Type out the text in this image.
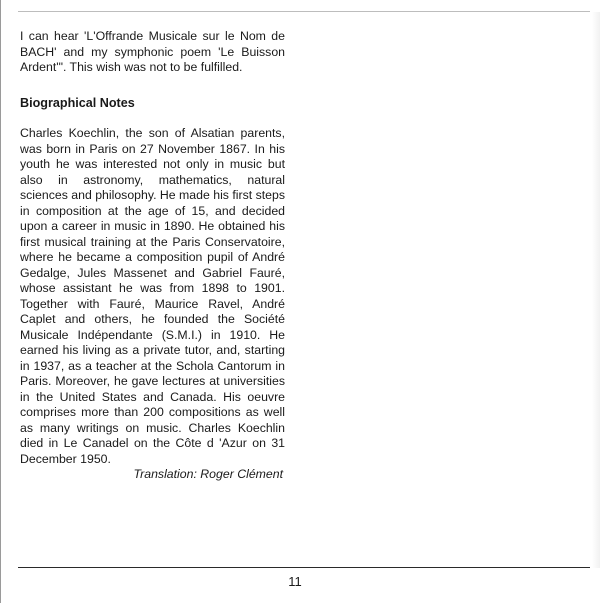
I can hear 'L'Offrande Musicale sur le Nom de BACH' and my symphonic poem 'Le Buisson Ardent'". This wish was not to be fulfilled.

Biographical Notes

Charles Koechlin, the son of Alsatian parents, was born in Paris on 27 November 1867. In his youth he was interested not only in music but also in astronomy, mathematics, natural sciences and philosophy. He made his first steps in composition at the age of 15, and decided upon a career in music in 1890. He obtained his first musical training at the Paris Conservatoire, where he became a composition pupil of André Gedalge, Jules Massenet and Gabriel Fauré, whose assistant he was from 1898 to 1901. Together with Fauré, Maurice Ravel, André Caplet and others, he founded the Société Musicale Indépendante (S.M.I.) in 1910. He earned his living as a private tutor, and, starting in 1937, as a teacher at the Schola Cantorum in Paris. Moreover, he gave lectures at universities in the United States and Canada. His oeuvre comprises more than 200 compositions as well as many writings on music. Charles Koechlin died in Le Canadel on the Côte d 'Azur on 31 December 1950.

Translation: Roger Clément

11
